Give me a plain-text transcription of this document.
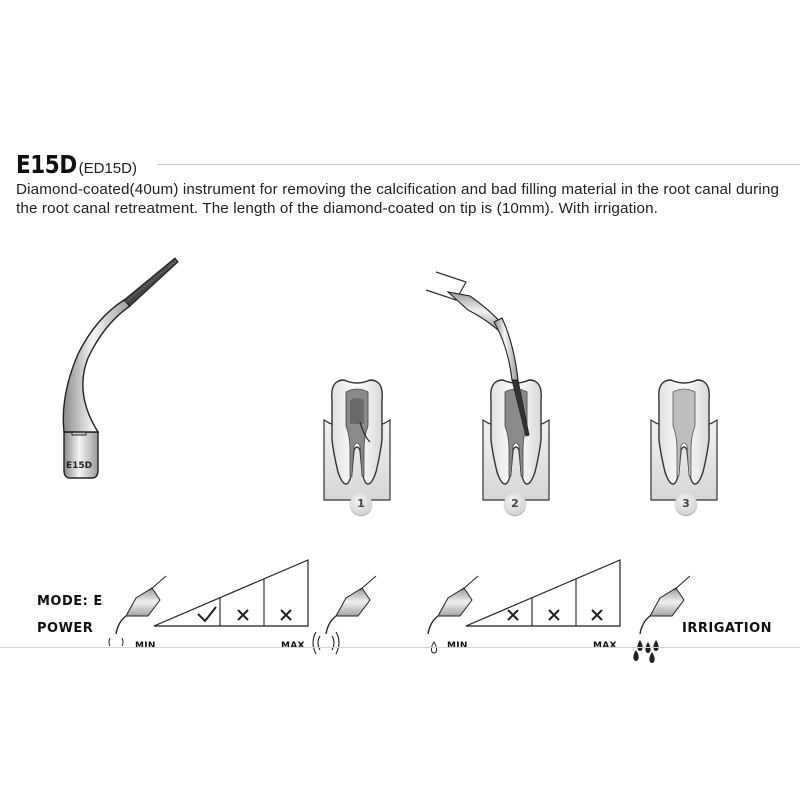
E15D (ED15D)
Diamond-coated(40um) instrument for removing the calcification and bad filling material in the root canal during the root canal retreatment. The length of the diamond-coated on tip is (10mm). With irrigation.
E15D
1	2	3
MODE: E
POWER
MIN	MAX	MIN	MAX
IRRIGATION
